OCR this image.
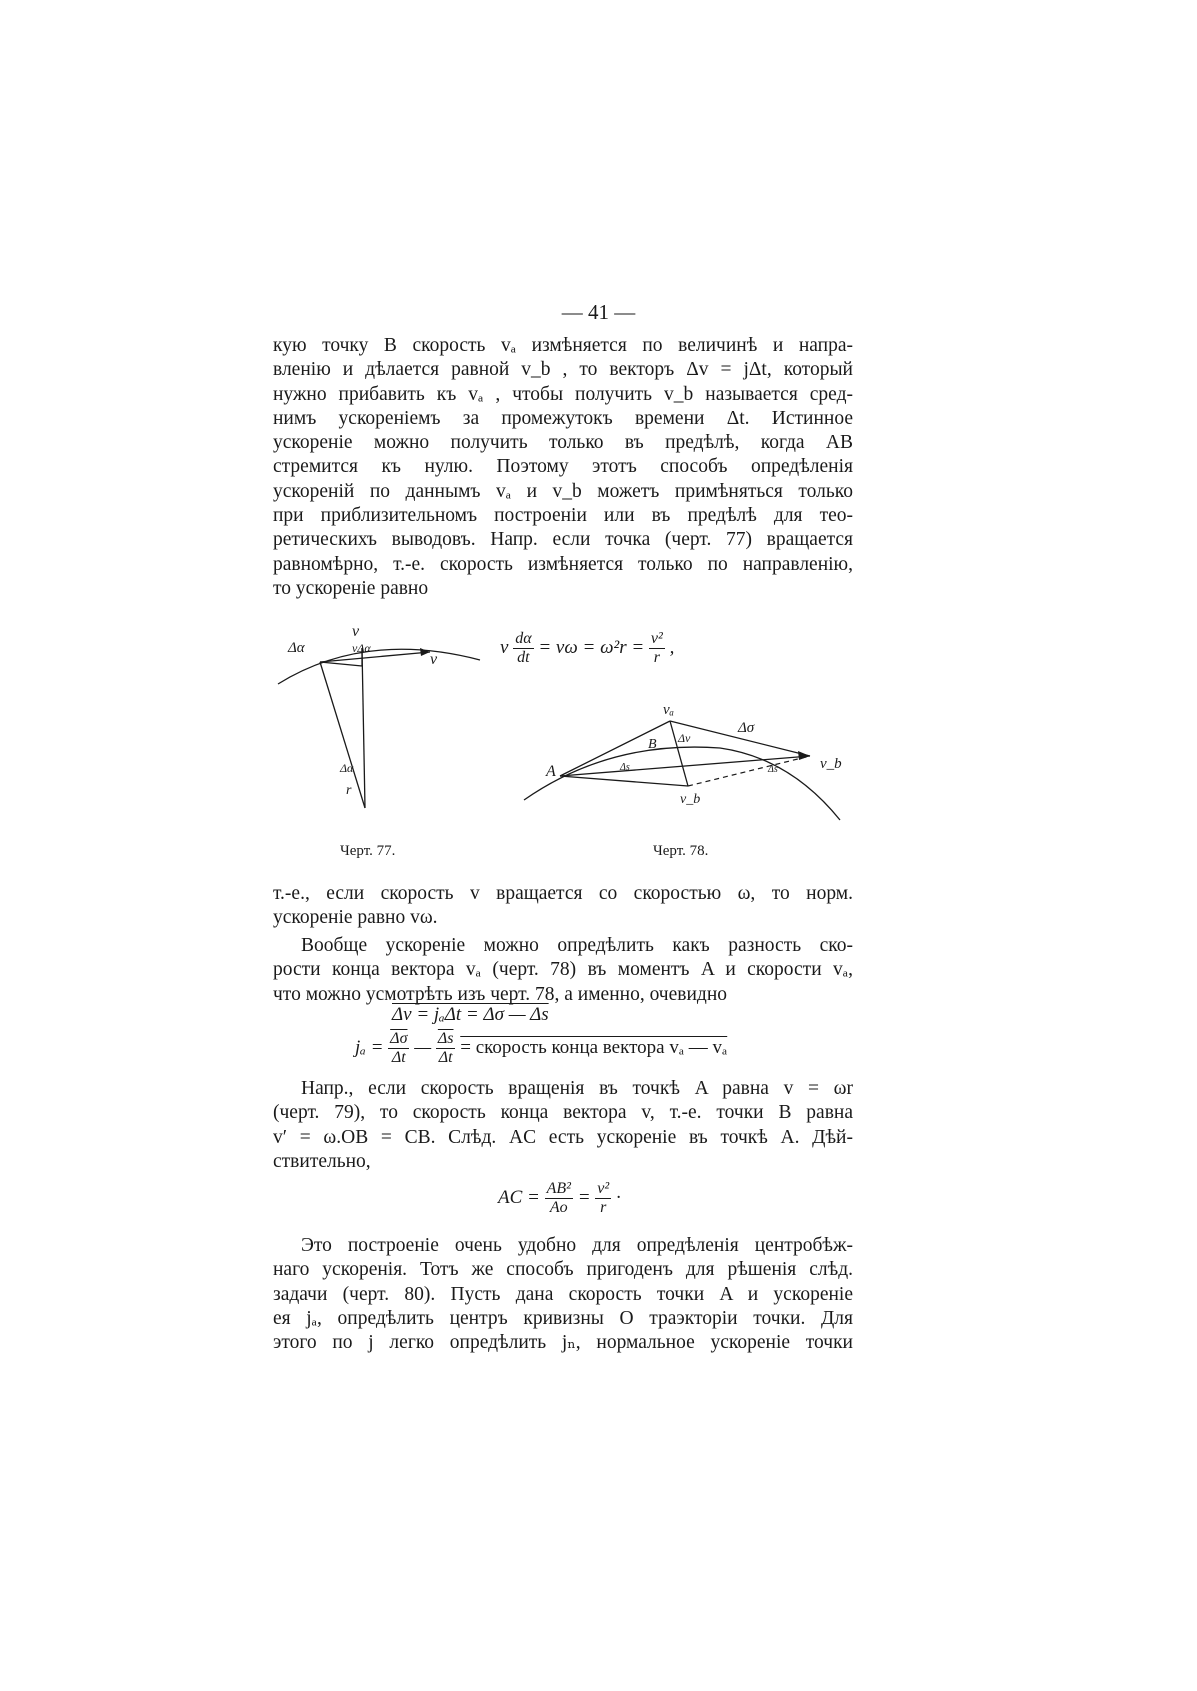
— 41 —
кую точку B скорость vₐ измѣняется по величинѣ и напра-
вленію и дѣлается равной v_b , то векторъ Δv = jΔt, который
нужно прибавить къ vₐ , чтобы получить v_b называется сред-
нимъ ускореніемъ за промежутокъ времени Δt. Истинное
ускореніе можно получить только въ предѣлѣ, когда AB
стремится къ нулю. Поэтому этотъ способъ опредѣленія
ускореній по даннымъ vₐ и v_b можетъ примѣняться только
при приблизительномъ построеніи или въ предѣлѣ для тео-
ретическихъ выводовъ. Напр. если точка (черт. 77) вращается
равномѣрно, т.-е. скорость измѣняется только по направленію,
то ускореніе равно
v $\frac{d\alpha}{dt} = v\omega = \omega^2r = \frac{\text{v²}}{r}$ ,
Δα
v
vΔα
v
Δα
r
Черт. 77.
vₐ
Δσ
B Δv
Δs	Δs	v_b
A
v_b
Черт. 78.
т.-е., если скорость v вращается со скоростью ω, то норм.
ускореніе равно vω.
Вообще ускореніе можно опредѣлить какъ разность ско-
рости конца вектора vₐ (черт. 78) въ моментъ A и скорости vₐ,
что можно усмотрѣть изъ черт. 78, а именно, очевидно
Δv = jₐΔt = Δσ — Δs
$j_a = \frac{\overline{\Delta\sigma}}{\Delta t}$ — $\frac{\overline{\Delta s}}{\Delta t}$ = скорость конца вектора vₐ — vₐ
Напр., если скорость вращенія въ точкѣ A равна v = ωr
(черт. 79), то скорость конца вектора v, т.-е. точки B равна
v′ = ω.OB = CB. Слѣд. AC есть ускореніе въ точкѣ A. Дѣй-
ствительно,
AC = $\frac{\text{AB²}}{Ao} = \frac{\text{v²}}{r}$ ·
Это построеніе очень удобно для опредѣленія центробѣж-
наго ускоренія. Тотъ же способъ пригоденъ для рѣшенія слѣд.
задачи (черт. 80). Пусть дана скорость точки A и ускореніе
ея jₐ, опредѣлить центръ кривизны O траэкторіи точки. Для
этого по j легко опредѣлить jₙ, нормальное ускореніе точки
